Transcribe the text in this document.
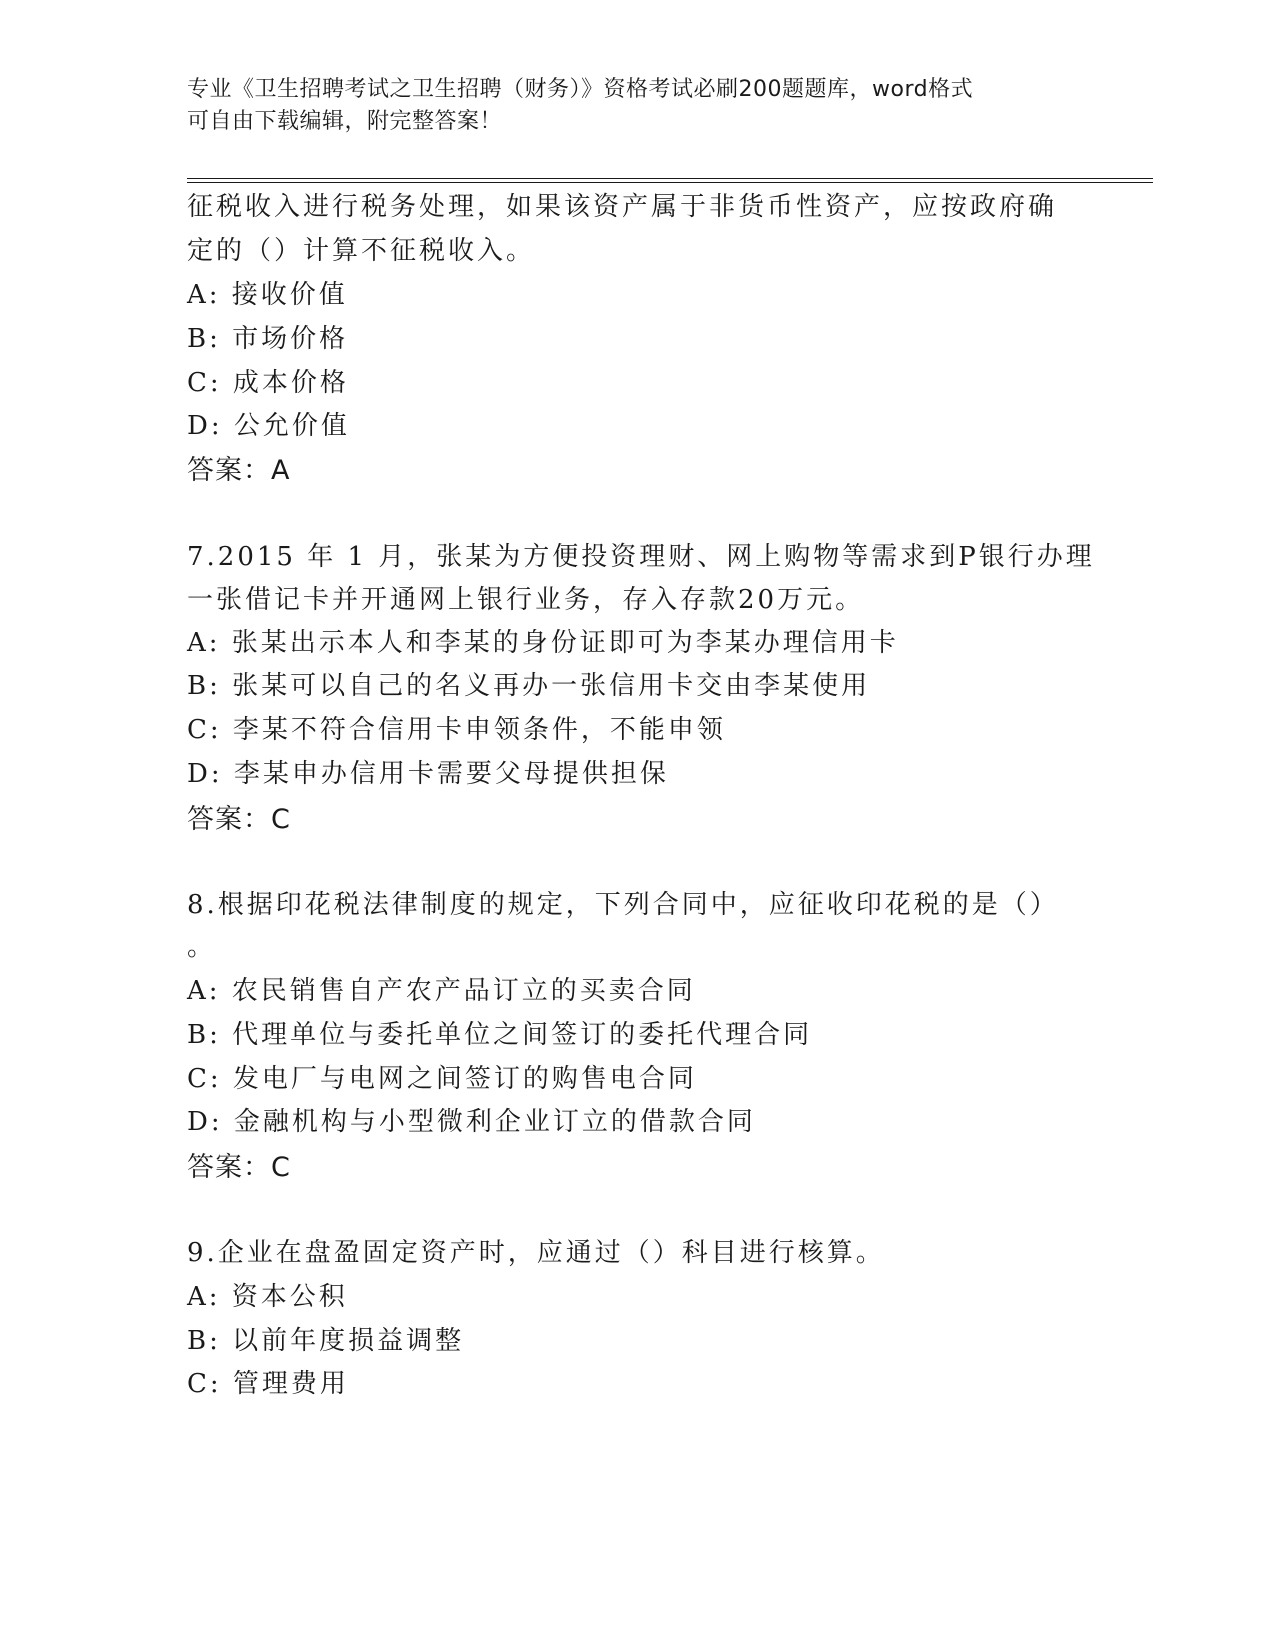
专业《卫生招聘考试之卫生招聘（财务）》资格考试必刷200题题库，word格式
可自由下载编辑，附完整答案！
征税收入进行税务处理，如果该资产属于非货币性资产，应按政府确
定的（）计算不征税收入。
A: 接收价值
B: 市场价格
C: 成本价格
D: 公允价值
答案：A
7.2015 年 1 月，张某为方便投资理财、网上购物等需求到P银行办理
一张借记卡并开通网上银行业务，存入存款20万元。
A: 张某出示本人和李某的身份证即可为李某办理信用卡
B: 张某可以自己的名义再办一张信用卡交由李某使用
C: 李某不符合信用卡申领条件，不能申领
D: 李某申办信用卡需要父母提供担保
答案：C
8.根据印花税法律制度的规定，下列合同中，应征收印花税的是（）
。
A: 农民销售自产农产品订立的买卖合同
B: 代理单位与委托单位之间签订的委托代理合同
C: 发电厂与电网之间签订的购售电合同
D: 金融机构与小型微利企业订立的借款合同
答案：C
9.企业在盘盈固定资产时，应通过（）科目进行核算。
A: 资本公积
B: 以前年度损益调整
C: 管理费用
